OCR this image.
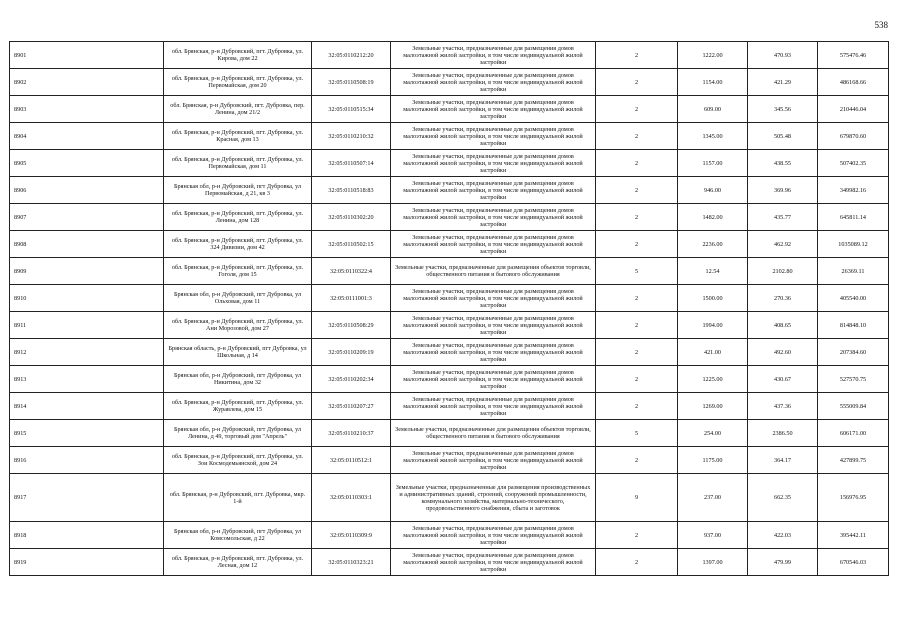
538
8901	обл. Брянская, р-н Дубровский, пгт. Дубровка, ул. Кирова, дом 22	32:05:0110212:20	Земельные участки, предназначенные для размещения домов малоэтажной жилой застройки, в том числе индивидуальной жилой застройки	2	1222.00	470.93	575476.46
8902	обл. Брянская, р-н Дубровский, пгт. Дубровка, ул. Первомайская, дом 20	32:05:0110508:19	Земельные участки, предназначенные для размещения домов малоэтажной жилой застройки, в том числе индивидуальной жилой застройки	2	1154.00	421.29	486168.66
8903	обл. Брянская, р-н Дубровский, пгт. Дубровка, пер. Ленина, дом 21/2	32:05:0110515:34	Земельные участки, предназначенные для размещения домов малоэтажной жилой застройки, в том числе индивидуальной жилой застройки	2	609.00	345.56	210446.04
8904	обл. Брянская, р-н Дубровский, пгт. Дубровка, ул. Красная, дом 13	32:05:0110210:32	Земельные участки, предназначенные для размещения домов малоэтажной жилой застройки, в том числе индивидуальной жилой застройки	2	1345.00	505.48	679870.60
8905	обл. Брянская, р-н Дубровский, пгт. Дубровка, ул. Первомайская, дом 11	32:05:0110507:14	Земельные участки, предназначенные для размещения домов малоэтажной жилой застройки, в том числе индивидуальной жилой застройки	2	1157.00	438.55	507402.35
8906	Брянская обл, р-н Дубровский, пгт Дубровка, ул Первомайская, д 21, кв 3	32:05:0110518:83	Земельные участки, предназначенные для размещения домов малоэтажной жилой застройки, в том числе индивидуальной жилой застройки	2	946.00	369.96	349982.16
8907	обл. Брянская, р-н Дубровский, пгт. Дубровка, ул. Ленина, дом 128	32:05:0110302:20	Земельные участки, предназначенные для размещения домов малоэтажной жилой застройки, в том числе индивидуальной жилой застройки	2	1482.00	435.77	645811.14
8908	обл. Брянская, р-н Дубровский, пгт. Дубровка, ул. 324 Дивизии, дом 42	32:05:0110502:15	Земельные участки, предназначенные для размещения домов малоэтажной жилой застройки, в том числе индивидуальной жилой застройки	2	2236.00	462.92	1035089.12
8909	обл. Брянская, р-н Дубровский, пгт. Дубровка, ул. Гоголя, дом 15	32:05:0110322:4	Земельные участки, предназначенные для размещения объектов торговли, общественного питания и бытового обслуживания	5	12.54	2102.80	26369.11
8910	Брянская обл, р-н Дубровский, пгт Дубровка, ул Ольховая, дом 11	32:05:0111001:3	Земельные участки, предназначенные для размещения домов малоэтажной жилой застройки, в том числе индивидуальной жилой застройки	2	1500.00	270.36	405540.00
8911	обл. Брянская, р-н Дубровский, пгт. Дубровка, ул. Ани Морозовой, дом 27	32:05:0110508:29	Земельные участки, предназначенные для размещения домов малоэтажной жилой застройки, в том числе индивидуальной жилой застройки	2	1994.00	408.65	814848.10
8912	Брянская область, р-н Дубровский, пгт Дубровка, ул Школьная, д 14	32:05:0110209:19	Земельные участки, предназначенные для размещения домов малоэтажной жилой застройки, в том числе индивидуальной жилой застройки	2	421.00	492.60	207384.60
8913	Брянская обл, р-н Дубровский, пгт Дубровка, ул Никитина, дом 32	32:05:0110202:34	Земельные участки, предназначенные для размещения домов малоэтажной жилой застройки, в том числе индивидуальной жилой застройки	2	1225.00	430.67	527570.75
8914	обл. Брянская, р-н Дубровский, пгт. Дубровка, ул. Журавлева, дом 15	32:05:0110207:27	Земельные участки, предназначенные для размещения домов малоэтажной жилой застройки, в том числе индивидуальной жилой застройки	2	1269.00	437.36	555009.84
8915	Брянская обл, р-н Дубровский, пгт Дубровка, ул Ленина, д 49, торговый дом "Апрель"	32:05:0110210:37	Земельные участки, предназначенные для размещения объектов торговли, общественного питания и бытового обслуживания	5	254.00	2386.50	606171.00
8916	обл. Брянская, р-н Дубровский, пгт. Дубровка, ул. Зои Космодемьянской, дом 24	32:05:0110512:1	Земельные участки, предназначенные для размещения домов малоэтажной жилой застройки, в том числе индивидуальной жилой застройки	2	1175.00	364.17	427899.75
8917	обл. Брянская, р-н Дубровский, пгт. Дубровка, мкр. 1-й	32:05:0110303:1	Земельные участки, предназначенные для размещения производственных и административных зданий, строений, сооружений промышленности, коммунального хозяйства, материально-технического, продовольственного снабжения, сбыта и заготовок	9	237.00	662.35	156976.95
8918	Брянская обл, р-н Дубровский, пгт Дубровка, ул Комсомольская, д 22	32:05:0110309:9	Земельные участки, предназначенные для размещения домов малоэтажной жилой застройки, в том числе индивидуальной жилой застройки	2	937.00	422.03	395442.11
8919	обл. Брянская, р-н Дубровский, пгт. Дубровка, ул. Лесная, дом 12	32:05:0110323:21	Земельные участки, предназначенные для размещения домов малоэтажной жилой застройки, в том числе индивидуальной жилой застройки	2	1397.00	479.99	670546.03
